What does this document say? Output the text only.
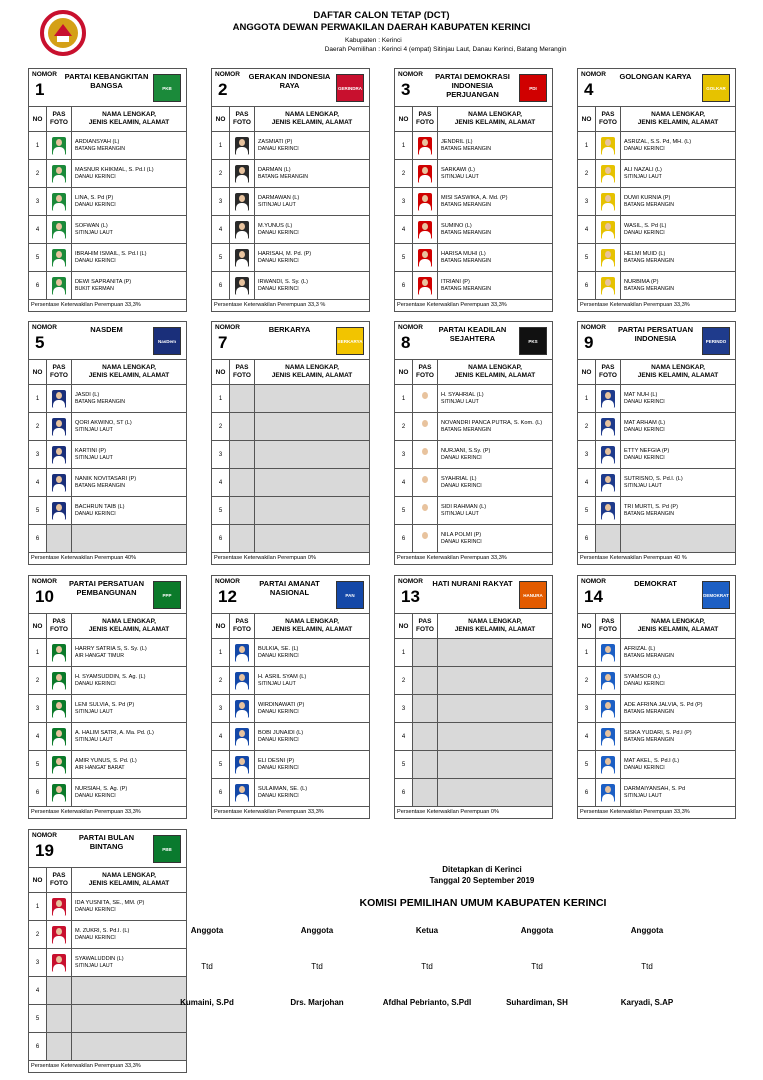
DAFTAR CALON TETAP (DCT)
ANGGOTA DEWAN PERWAKILAN DAERAH KABUPATEN KERINCI
Kabupaten : Kerinci
Daerah Pemilihan : Kerinci 4 (empat) Sitinjau Laut, Danau Kerinci, Batang Merangin
NOMOR
1
PARTAI KEBANGKITAN BANGSA	PKB
NO
PAS
FOTO
NAMA LENGKAP,
JENIS KELAMIN, ALAMAT
1
ARDIANSYAH (L)
BATANG MERANGIN
2
MASNUR KHIKMAL, S. Pd.I (L)
DANAU KERINCI
3
LINA, S. Pd (P)
DANAU KERINCI
4
SOFWAN (L)
SITINJAU LAUT
5
IBRAHIM ISMAIL, S. Pd.I (L)
DANAU KERINCI
6
DEWI SAPRANITA (P)
BUKIT KERMAN
Persentase Keterwakilan Perempuan 33,3%
NOMOR
2
GERAKAN INDONESIA RAYA	GERINDRA
NO
PAS
FOTO
NAMA LENGKAP,
JENIS KELAMIN, ALAMAT
1
ZASMIATI (P)
DANAU KERINCI
2
DARMAN (L)
BATANG MERANGIN
3
DARMAWAN (L)
SITINJAU LAUT
4
M.YUNUS (L)
DANAU KERINCI
5
HARISAH, M. Pd. (P)
DANAU KERINCI
6
IRWANDI, S. Sy. (L)
DANAU KERINCI
Persentase Keterwakilan Perempuan 33,3 %
NOMOR
3
PARTAI DEMOKRASI INDONESIA PERJUANGAN
PDI
NO
PAS
FOTO
NAMA LENGKAP,
JENIS KELAMIN, ALAMAT
1
JENDRIL (L)
BATANG MERANGIN
2
SARKAWI (L)
SITINJAU LAUT
3
MISI SASWIKA, A. Md. (P)
BATANG MERANGIN
4
SUMINO (L)
BATANG MERANGIN
5
HARISA MUHI (L)
BATANG MERANGIN
6
ITRIANI (P)
BATANG MERANGIN
Persentase Keterwakilan Perempuan 33,3%
NOMOR
4
GOLONGAN KARYA
GOLKAR
NO
PAS
FOTO
NAMA LENGKAP,
JENIS KELAMIN, ALAMAT
1
ASRIZAL, S.S. Pd, MH. (L)
DANAU KERINCI
2
ALI NAZALI (L)
SITINJAU LAUT
3
DUWI KURNIA (P)
BATANG MERANGIN
4
WASIL, S. Pd (L)
DANAU KERINCI
5
HELMI MUID (L)
BATANG MERANGIN
6
NURBIMA (P)
BATANG MERANGIN
Persentase Keterwakilan Perempuan 33,3%
NOMOR
5
NASDEM
NasDem
NO
PAS
FOTO
NAMA LENGKAP,
JENIS KELAMIN, ALAMAT
1
JASDI (L)
BATANG MERANGIN
2
QORI AKWINO, ST (L)
SITINJAU LAUT
3
KARTINI (P)
SITINJAU LAUT
4
NANIK NOVITASARI (P)
BATANG MERANGIN
5
BACHRUN TAIB (L)
DANAU KERINCI
6
Persentase Keterwakilan Perempuan 40%
NOMOR
7
BERKARYA
BERKARYA
NO
PAS
FOTO
NAMA LENGKAP,
JENIS KELAMIN, ALAMAT
1
2
3
4
5
6
Persentase Keterwakilan Perempuan 0%
NOMOR
8
PARTAI KEADILAN SEJAHTERA	PKS
NO
PAS
FOTO
NAMA LENGKAP,
JENIS KELAMIN, ALAMAT
1
H. SYAHRIAL (L)
SITINJAU LAUT
2
NOVANDRI PANCA PUTRA, S. Kom. (L)
BATANG MERANGIN
3
NURJANI, S.Sy. (P)
DANAU KERINCI
4
SYAHRIAL (L)
DANAU KERINCI
5
SIDI RAHMAN (L)
SITINJAU LAUT
6
NILA POLMI (P)
DANAU KERINCI
Persentase Keterwakilan Perempuan 33,3%
NOMOR
9
PARTAI PERSATUAN INDONESIA	PERINDO
NO
PAS
FOTO
NAMA LENGKAP,
JENIS KELAMIN, ALAMAT
1
MAT NUH (L)
DANAU KERINCI
2
MAT ARHAM (L)
DANAU KERINCI
3
ETTY NEFGIA (P)
DANAU KERINCI
4
SUTRISNO, S. Pd.I. (L)
SITINJAU LAUT
5
TRI MURTI, S. Pd (P)
BATANG MERANGIN
6
Persentase Keterwakilan Perempuan 40 %
NOMOR
10
PARTAI PERSATUAN PEMBANGUNAN	PPP
NO
PAS
FOTO
NAMA LENGKAP,
JENIS KELAMIN, ALAMAT
1
HARRY SATRIA S, S. Sy. (L)
AIR HANGAT TIMUR
2
H. SYAMSUDDIN, S. Ag. (L)
DANAU KERINCI
3
LENI SULVIA, S. Pd (P)
SITINJAU LAUT
4
A. HALIM SATRI, A. Ma. Pd. (L)
SITINJAU LAUT
5
AMIR YUNUS, S. Pd. (L)
AIR HANGAT BARAT
6
NURSIAH, S. Ag. (P)
DANAU KERINCI
Persentase Keterwakilan Perempuan 33,3%
NOMOR
12
PARTAI AMANAT NASIONAL	PAN
NO
PAS
FOTO
NAMA LENGKAP,
JENIS KELAMIN, ALAMAT
1
BULKIA, SE. (L)
DANAU KERINCI
2
H. ASRIL SYAM (L)
SITINJAU LAUT
3
WIRDINAWATI (P)
DANAU KERINCI
4
BOBI JUNAIDI (L)
DANAU KERINCI
5
ELI DESNI (P)
DANAU KERINCI
6
SULAIMAN, SE. (L)
DANAU KERINCI
Persentase Keterwakilan Perempuan 33,3%
NOMOR
13
HATI NURANI RAKYAT
HANURA
NO
PAS
FOTO
NAMA LENGKAP,
JENIS KELAMIN, ALAMAT
1
2
3
4
5
6
Persentase Keterwakilan Perempuan 0%
NOMOR
14
DEMOKRAT
DEMOKRAT
NO
PAS
FOTO
NAMA LENGKAP,
JENIS KELAMIN, ALAMAT
1
AFRIZAL (L)
BATANG MERANGIN
2
SYAMSOR (L)
DANAU KERINCI
3
ADE AFRINA JALVIA, S. Pd (P)
BATANG MERANGIN
4
SISKA YUDARI, S. Pd.I (P)
BATANG MERANGIN
5
MAT AKEL, S. Pd.I (L)
DANAU KERINCI
6
DARMAIYANSAH, S. Pd
SITINJAU LAUT
Persentase Keterwakilan Perempuan 33,3%
NOMOR
19
PARTAI BULAN BINTANG	PBB
NO
PAS
FOTO
NAMA LENGKAP,
JENIS KELAMIN, ALAMAT
1
IDA YUSNITA, SE., MM. (P)
DANAU KERINCI
2
M. ZUKRI, S. Pd.I. (L)
DANAU KERINCI
3
SYAWALUDDIN (L)
SITINJAU LAUT
4
5
6
Persentase Keterwakilan Perempuan 33,3%
Ditetapkan di Kerinci
Tanggal 20 September 2019
KOMISI PEMILIHAN UMUM KABUPATEN KERINCI
Anggota
Ttd
Kumaini, S.Pd
Anggota
Ttd
Drs. Marjohan
Ketua
Ttd
Afdhal Pebrianto, S.PdI
Anggota
Ttd
Suhardiman, SH
Anggota
Ttd
Karyadi, S.AP
